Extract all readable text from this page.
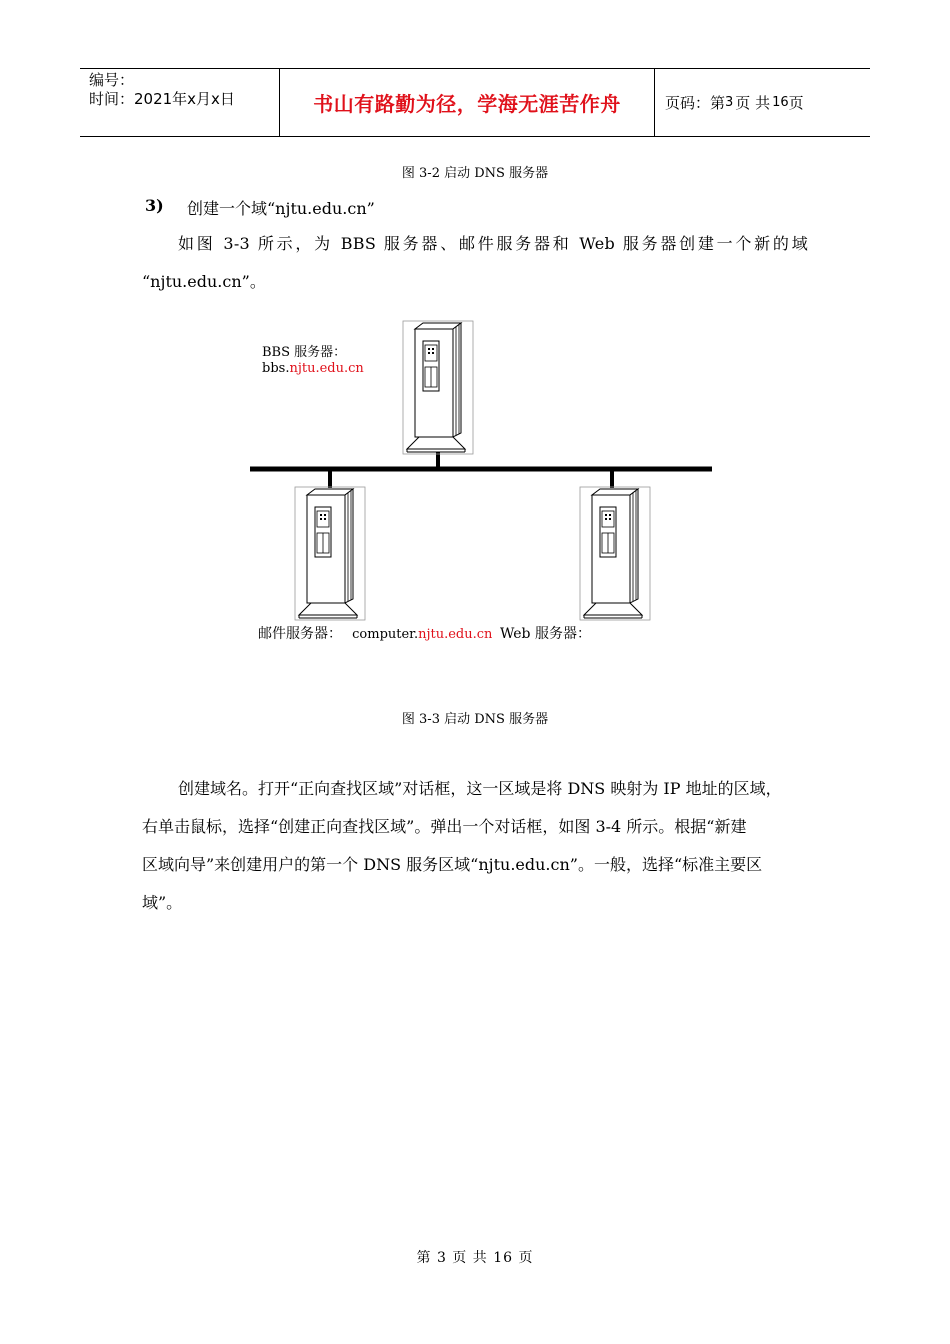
编号：
时间：2021年x月x日	书山有路勤为径，学海无涯苦作舟	页码：第 3 页 共 16 页
图 3-2 启动 DNS 服务器
3) 创建一个域“njtu.edu.cn”
如图 3-3 所示，为 BBS 服务器、邮件服务器和 Web 服务器创建一个新的域
“njtu.edu.cn”。
BBS 服务器：
bbs.njtu.edu.cn
邮件服务器： computer.njtu.edu.cn Web 服务器：
图 3-3 启动 DNS 服务器
创建域名。打开“正向查找区域”对话框，这一区域是将 DNS 映射为 IP 地址的区域，
右单击鼠标，选择“创建正向查找区域”。弹出一个对话框，如图 3-4 所示。根据“新建
区域向导”来创建用户的第一个 DNS 服务区域“njtu.edu.cn”。一般，选择“标准主要区
域”。
第 3 页 共 16 页
